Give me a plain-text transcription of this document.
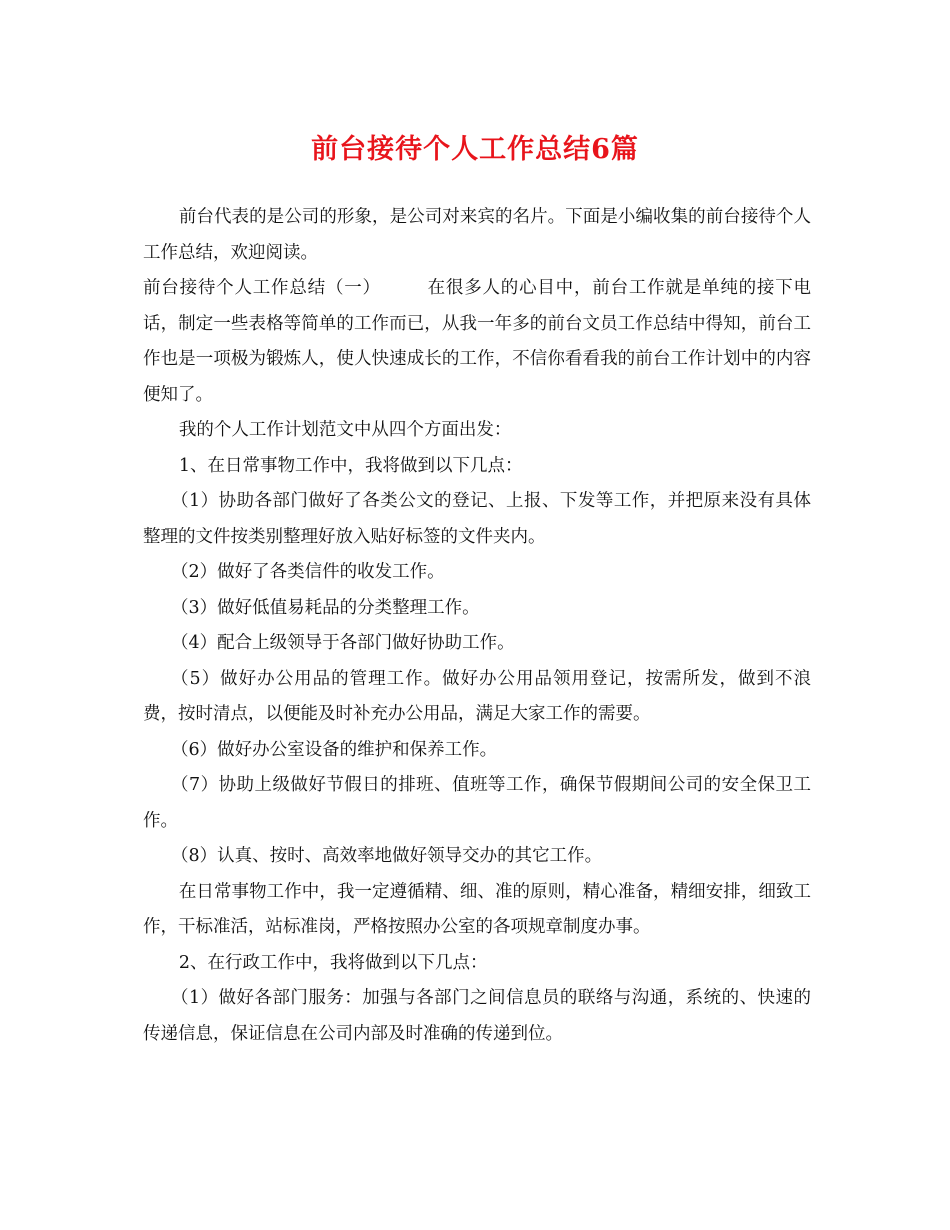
前台接待个人工作总结6篇

前台代表的是公司的形象，是公司对来宾的名片。下面是小编收集的前台接待个人工作总结，欢迎阅读。

前台接待个人工作总结（一）	在很多人的心目中，前台工作就是单纯的接下电话，制定一些表格等简单的工作而已，从我一年多的前台文员工作总结中得知，前台工作也是一项极为锻炼人，使人快速成长的工作，不信你看看我的前台工作计划中的内容便知了。

我的个人工作计划范文中从四个方面出发：

1、在日常事物工作中，我将做到以下几点：

（1）协助各部门做好了各类公文的登记、上报、下发等工作，并把原来没有具体整理的文件按类别整理好放入贴好标签的文件夹内。

（2）做好了各类信件的收发工作。

（3）做好低值易耗品的分类整理工作。

（4）配合上级领导于各部门做好协助工作。

（5）做好办公用品的管理工作。做好办公用品领用登记，按需所发，做到不浪费，按时清点，以便能及时补充办公用品，满足大家工作的需要。

（6）做好办公室设备的维护和保养工作。

（7）协助上级做好节假日的排班、值班等工作，确保节假期间公司的安全保卫工作。

（8）认真、按时、高效率地做好领导交办的其它工作。

在日常事物工作中，我一定遵循精、细、准的原则，精心准备，精细安排，细致工作，干标准活，站标准岗，严格按照办公室的各项规章制度办事。

2、在行政工作中，我将做到以下几点：

（1）做好各部门服务：加强与各部门之间信息员的联络与沟通，系统的、快速的传递信息，保证信息在公司内部及时准确的传递到位。
